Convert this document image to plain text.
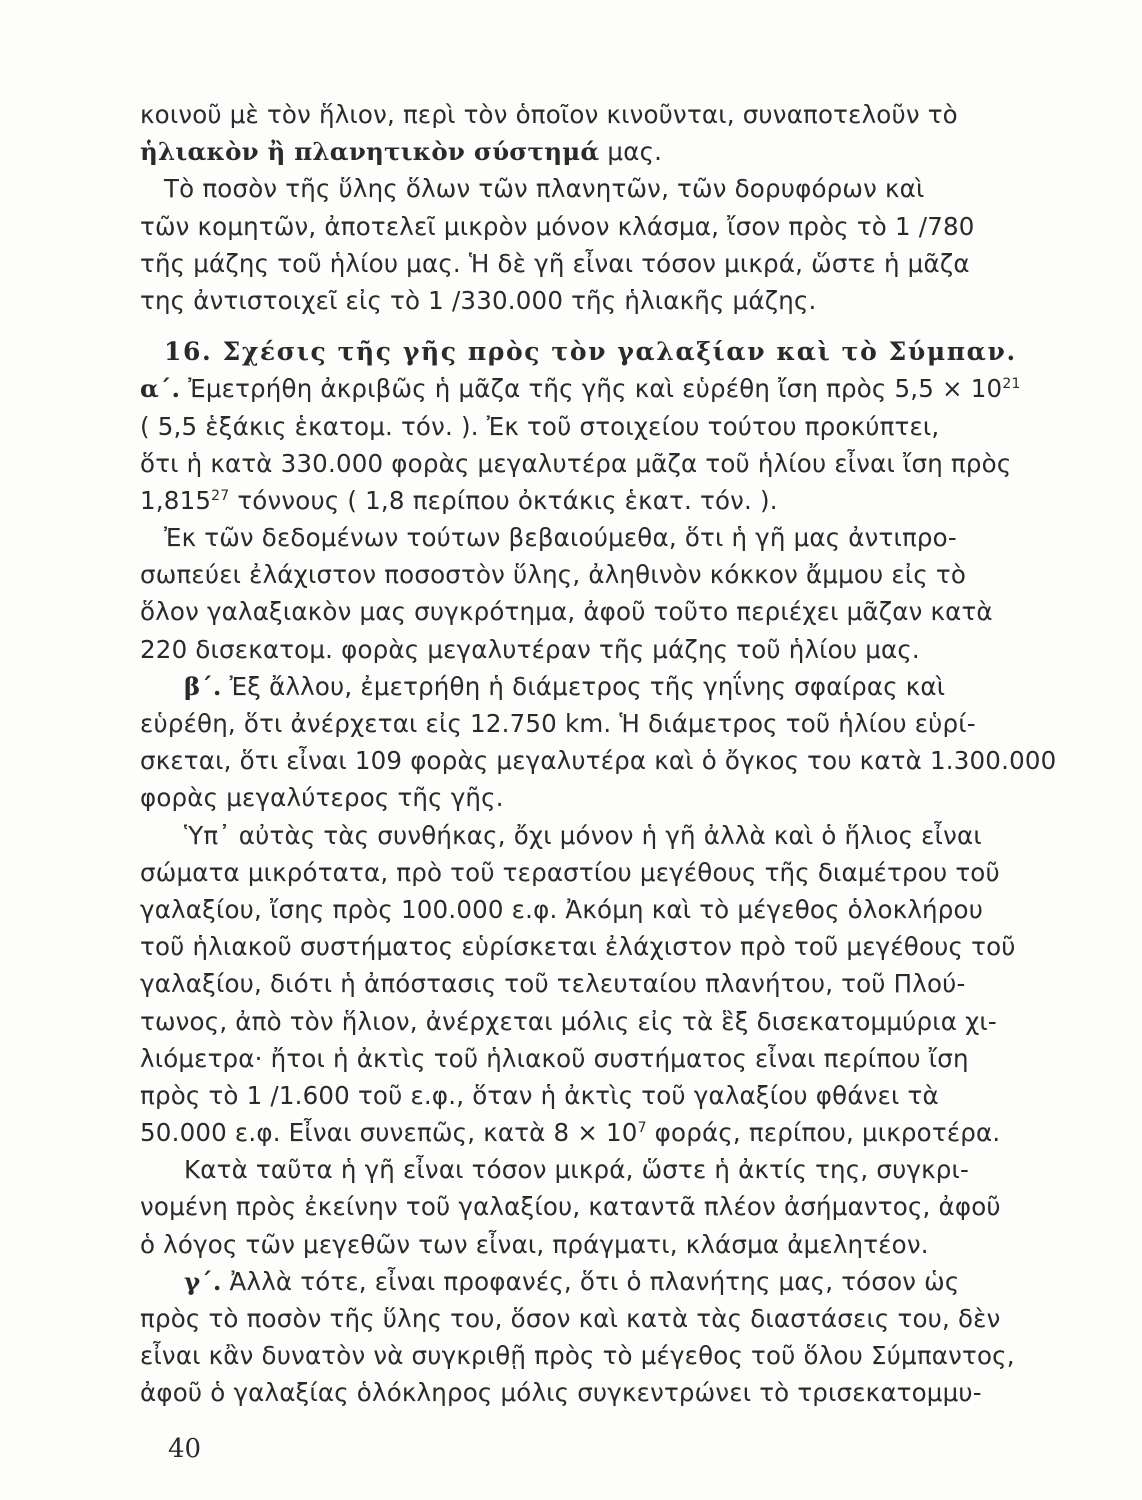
κοινοῦ μὲ τὸν ἥλιον, περὶ τὸν ὁποῖον κινοῦνται, συναποτελοῦν τὸ
ἡλιακὸν ἢ πλανητικὸν σύστημά μας.
Τὸ ποσὸν τῆς ὕλης ὅλων τῶν πλανητῶν, τῶν δορυφόρων καὶ
τῶν κομητῶν, ἀποτελεῖ μικρὸν μόνον κλάσμα, ἴσον πρὸς τὸ 1 /780
τῆς μάζης τοῦ ἡλίου μας. Ἡ δὲ γῆ εἶναι τόσον μικρά, ὥστε ἡ μᾶζα
της ἀντιστοιχεῖ εἰς τὸ 1 /330.000 τῆς ἡλιακῆς μάζης.
16. Σχέσις τῆς γῆς πρὸς τὸν γαλαξίαν καὶ τὸ Σύμπαν.
α΄. Ἐμετρήθη ἀκριβῶς ἡ μᾶζα τῆς γῆς καὶ εὑρέθη ἴση πρὸς $5,5 \times 10^{21}$
( 5,5 ἑξάκις ἑκατομ. τόν. ). Ἐκ τοῦ στοιχείου τούτου προκύπτει,
ὅτι ἡ κατὰ 330.000 φορὰς μεγαλυτέρα μᾶζα τοῦ ἡλίου εἶναι ἴση πρὸς
1,815$^{27}$ τόννους ( 1,8 περίπου ὀκτάκις ἑκατ. τόν. ).
Ἐκ τῶν δεδομένων τούτων βεβαιούμεθα, ὅτι ἡ γῆ μας ἀντιπρο-
σωπεύει ἐλάχιστον ποσοστὸν ὕλης, ἀληθινὸν κόκκον ἄμμου εἰς τὸ
ὅλον γαλαξιακὸν μας συγκρότημα, ἀφοῦ τοῦτο περιέχει μᾶζαν κατὰ
220 δισεκατομ. φορὰς μεγαλυτέραν τῆς μάζης τοῦ ἡλίου μας.
β΄. Ἐξ ἄλλου, ἐμετρήθη ἡ διάμετρος τῆς γηΐνης σφαίρας καὶ
εὑρέθη, ὅτι ἀνέρχεται εἰς 12.750 km. Ἡ διάμετρος τοῦ ἡλίου εὑρί-
σκεται, ὅτι εἶναι 109 φορὰς μεγαλυτέρα καὶ ὁ ὄγκος του κατὰ 1.300.000
φορὰς μεγαλύτερος τῆς γῆς.
Ὑπ᾽ αὐτὰς τὰς συνθήκας, ὄχι μόνον ἡ γῆ ἀλλὰ καὶ ὁ ἥλιος εἶναι
σώματα μικρότατα, πρὸ τοῦ τεραστίου μεγέθους τῆς διαμέτρου τοῦ
γαλαξίου, ἴσης πρὸς 100.000 ε.φ. Ἀκόμη καὶ τὸ μέγεθος ὁλοκλήρου
τοῦ ἡλιακοῦ συστήματος εὑρίσκεται ἐλάχιστον πρὸ τοῦ μεγέθους τοῦ
γαλαξίου, διότι ἡ ἀπόστασις τοῦ τελευταίου πλανήτου, τοῦ Πλού-
τωνος, ἀπὸ τὸν ἥλιον, ἀνέρχεται μόλις εἰς τὰ ἓξ δισεκατομμύρια χι-
λιόμετρα· ἤτοι ἡ ἀκτὶς τοῦ ἡλιακοῦ συστήματος εἶναι περίπου ἴση
πρὸς τὸ 1 /1.600 τοῦ ε.φ., ὅταν ἡ ἀκτὶς τοῦ γαλαξίου φθάνει τὰ
50.000 ε.φ. Εἶναι συνεπῶς, κατὰ $8 \times 10^7$ φοράς, περίπου, μικροτέρα.
Κατὰ ταῦτα ἡ γῆ εἶναι τόσον μικρά, ὥστε ἡ ἀκτίς της, συγκρι-
νομένη πρὸς ἐκείνην τοῦ γαλαξίου, καταντᾶ πλέον ἀσήμαντος, ἀφοῦ
ὁ λόγος τῶν μεγεθῶν των εἶναι, πράγματι, κλάσμα ἀμελητέον.
γ΄. Ἀλλὰ τότε, εἶναι προφανές, ὅτι ὁ πλανήτης μας, τόσον ὡς
πρὸς τὸ ποσὸν τῆς ὕλης του, ὅσον καὶ κατὰ τὰς διαστάσεις του, δὲν
εἶναι κἂν δυνατὸν νὰ συγκριθῇ πρὸς τὸ μέγεθος τοῦ ὅλου Σύμπαντος,
ἀφοῦ ὁ γαλαξίας ὁλόκληρος μόλις συγκεντρώνει τὸ τρισεκατομμυ-
40
